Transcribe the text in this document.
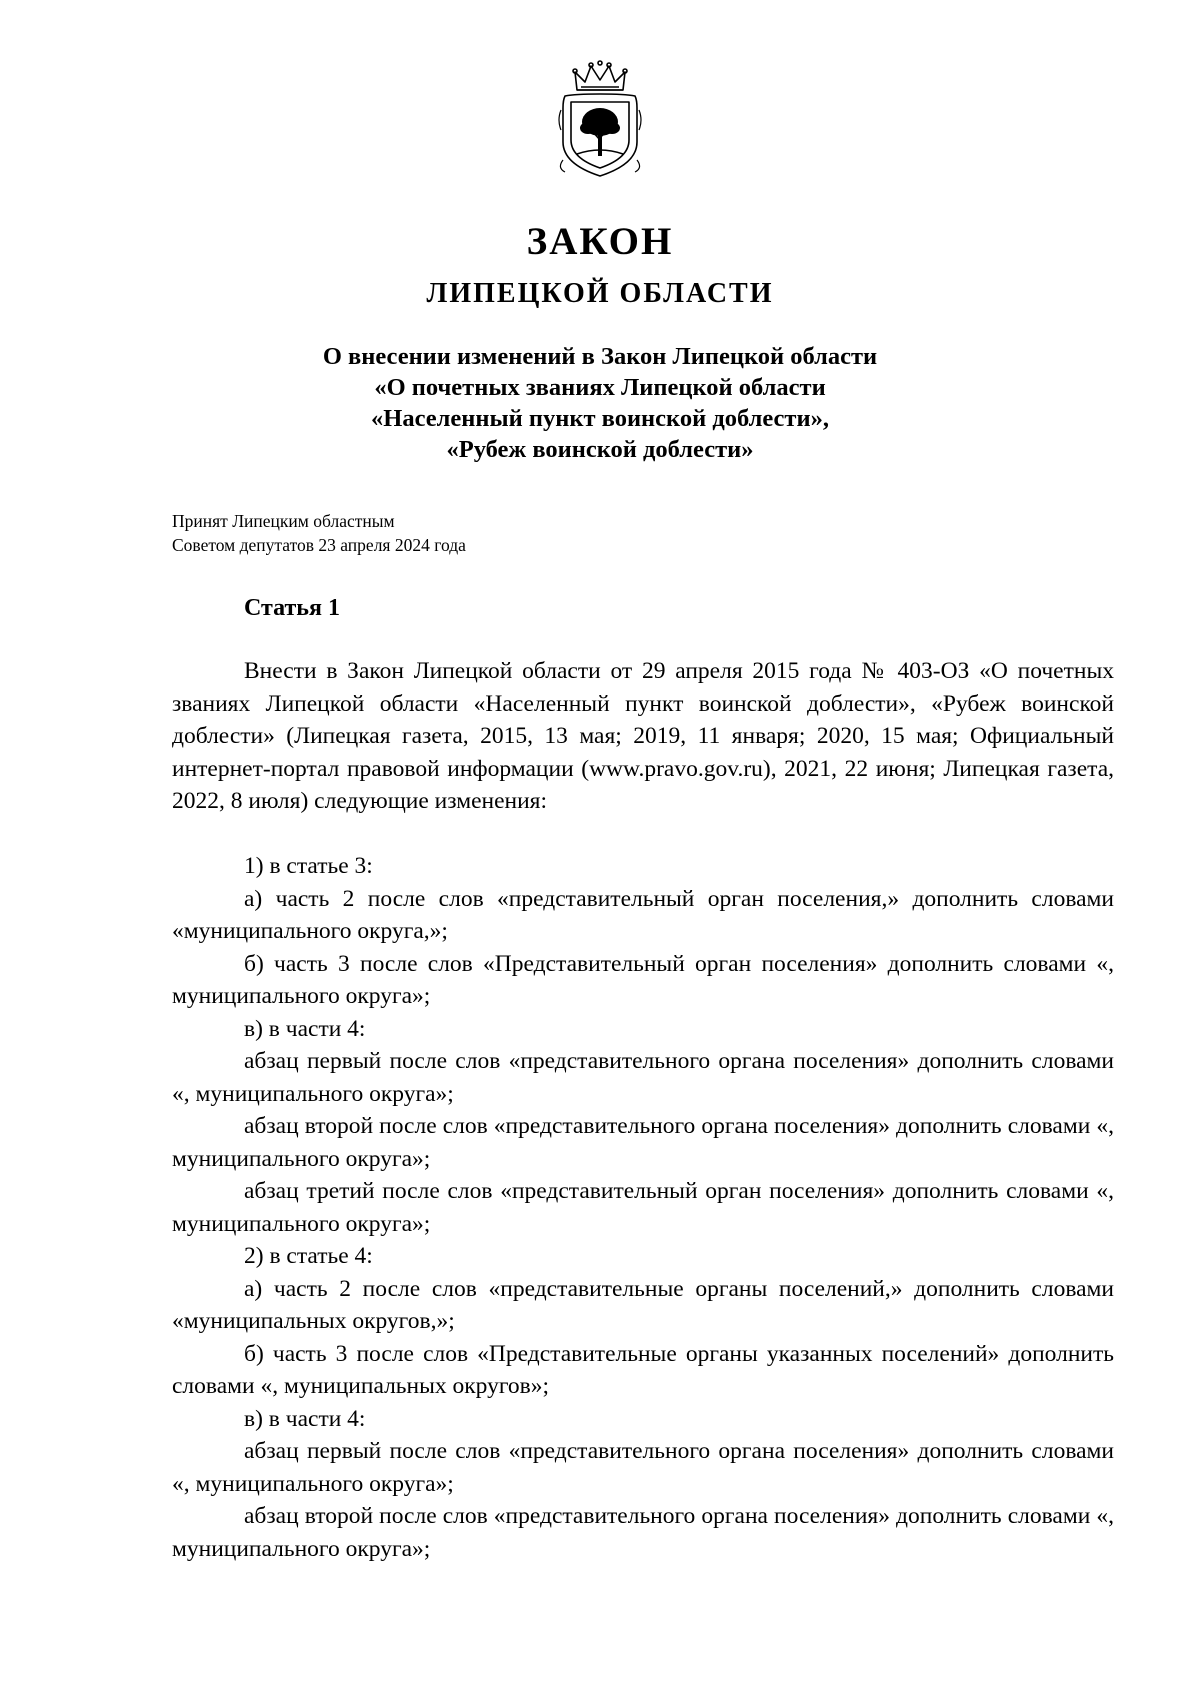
ЗАКОН
ЛИПЕЦКОЙ ОБЛАСТИ
О внесении изменений в Закон Липецкой области
«О почетных званиях Липецкой области
«Населенный пункт воинской доблести»,
«Рубеж воинской доблести»
Принят Липецким областным
Советом депутатов 23 апреля 2024 года
Статья 1

Внести в Закон Липецкой области от 29 апреля 2015 года № 403-ОЗ «О почетных званиях Липецкой области «Населенный пункт воинской доблести», «Рубеж воинской доблести» (Липецкая газета, 2015, 13 мая; 2019, 11 января; 2020, 15 мая; Официальный интернет-портал правовой информации (www.pravo.gov.ru), 2021, 22 июня; Липецкая газета, 2022, 8 июля) следующие изменения:

1) в статье 3:

а) часть 2 после слов «представительный орган поселения,» дополнить словами «муниципального округа,»;

б) часть 3 после слов «Представительный орган поселения» дополнить словами «, муниципального округа»;

в) в части 4:

абзац первый после слов «представительного органа поселения» дополнить словами «, муниципального округа»;

абзац второй после слов «представительного органа поселения» дополнить словами «, муниципального округа»;

абзац третий после слов «представительный орган поселения» дополнить словами «, муниципального округа»;

2) в статье 4:

а) часть 2 после слов «представительные органы поселений,» дополнить словами «муниципальных округов,»;

б) часть 3 после слов «Представительные органы указанных поселений» дополнить словами «, муниципальных округов»;

в) в части 4:

абзац первый после слов «представительного органа поселения» дополнить словами «, муниципального округа»;

абзац второй после слов «представительного органа поселения» дополнить словами «, муниципального округа»;
